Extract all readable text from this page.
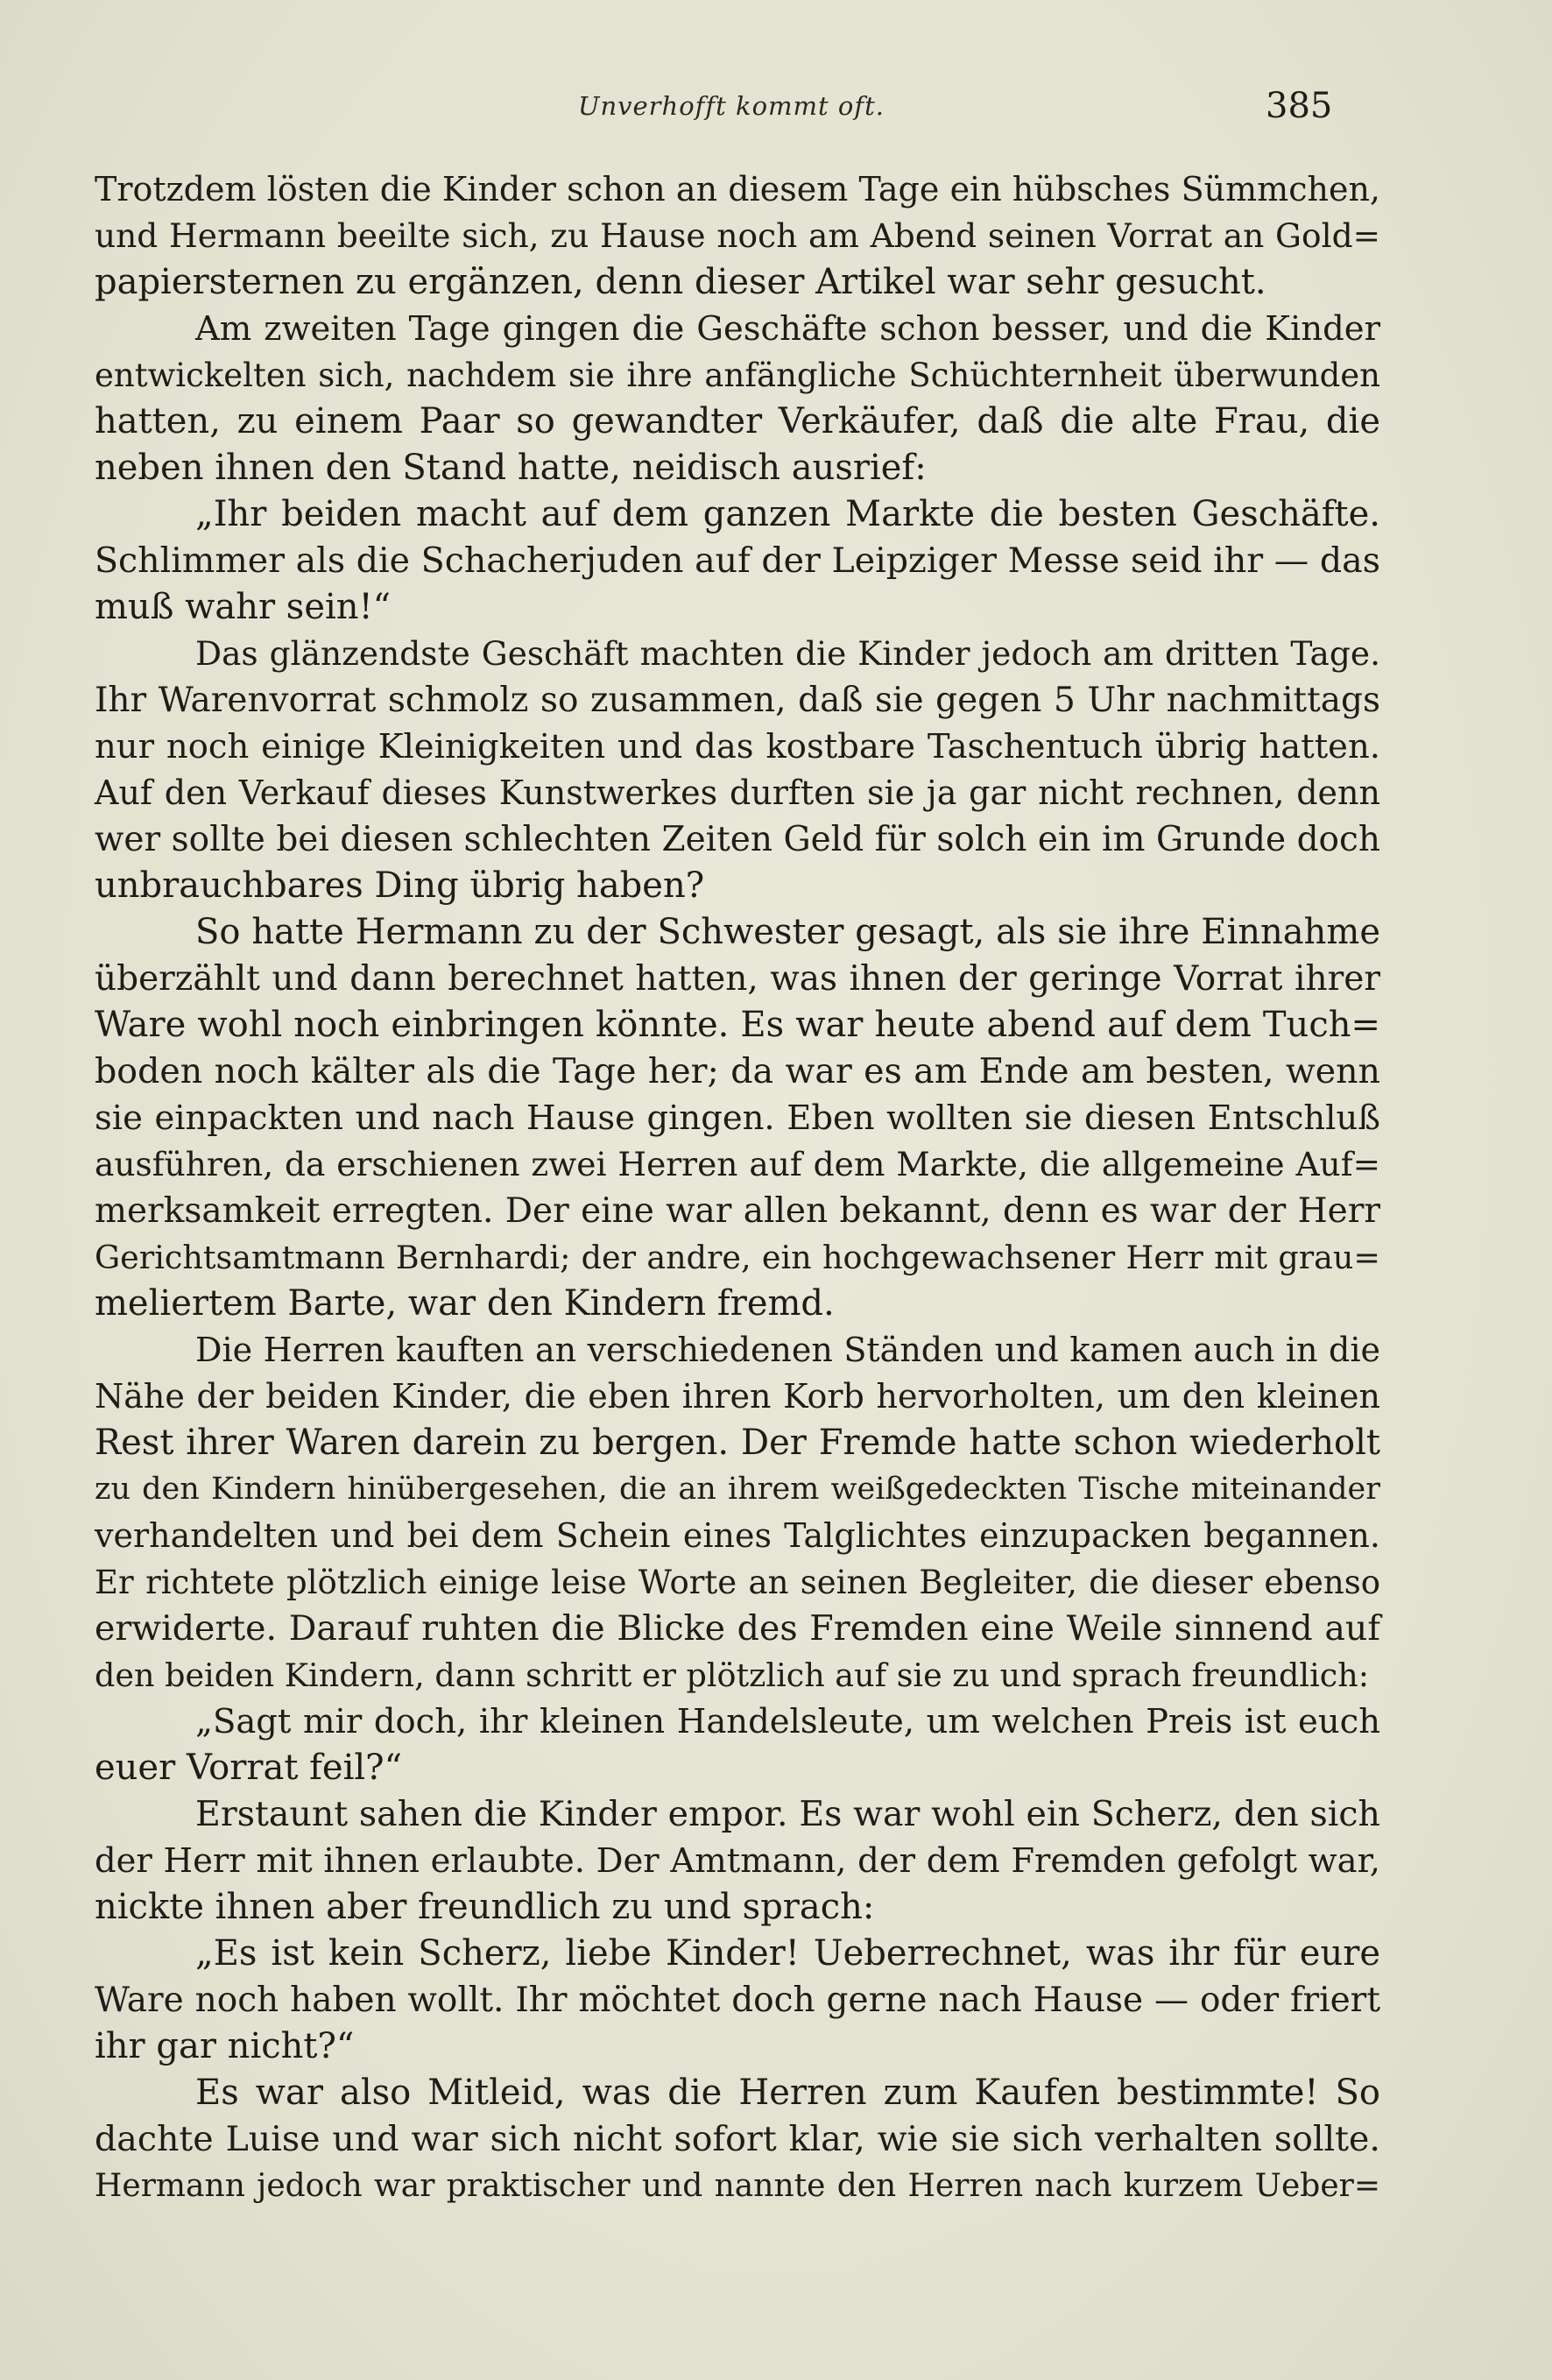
Unverhofft kommt oft.	385
Trotzdem lösten die Kinder schon an diesem Tage ein hübsches Sümmchen,
und Hermann beeilte sich, zu Hause noch am Abend seinen Vorrat an Gold=
papiersternen zu ergänzen, denn dieser Artikel war sehr gesucht.
Am zweiten Tage gingen die Geschäfte schon besser, und die Kinder
entwickelten sich, nachdem sie ihre anfängliche Schüchternheit überwunden
hatten, zu einem Paar so gewandter Verkäufer, daß die alte Frau, die
neben ihnen den Stand hatte, neidisch ausrief:
„Ihr beiden macht auf dem ganzen Markte die besten Geschäfte.
Schlimmer als die Schacherjuden auf der Leipziger Messe seid ihr — das
muß wahr sein!“
Das glänzendste Geschäft machten die Kinder jedoch am dritten Tage.
Ihr Warenvorrat schmolz so zusammen, daß sie gegen 5 Uhr nachmittags
nur noch einige Kleinigkeiten und das kostbare Taschentuch übrig hatten.
Auf den Verkauf dieses Kunstwerkes durften sie ja gar nicht rechnen, denn
wer sollte bei diesen schlechten Zeiten Geld für solch ein im Grunde doch
unbrauchbares Ding übrig haben?
So hatte Hermann zu der Schwester gesagt, als sie ihre Einnahme
überzählt und dann berechnet hatten, was ihnen der geringe Vorrat ihrer
Ware wohl noch einbringen könnte. Es war heute abend auf dem Tuch=
boden noch kälter als die Tage her; da war es am Ende am besten, wenn
sie einpackten und nach Hause gingen. Eben wollten sie diesen Entschluß
ausführen, da erschienen zwei Herren auf dem Markte, die allgemeine Auf=
merksamkeit erregten. Der eine war allen bekannt, denn es war der Herr
Gerichtsamtmann Bernhardi; der andre, ein hochgewachsener Herr mit grau=
meliertem Barte, war den Kindern fremd.
Die Herren kauften an verschiedenen Ständen und kamen auch in die
Nähe der beiden Kinder, die eben ihren Korb hervorholten, um den kleinen
Rest ihrer Waren darein zu bergen. Der Fremde hatte schon wiederholt
zu den Kindern hinübergesehen, die an ihrem weißgedeckten Tische miteinander
verhandelten und bei dem Schein eines Talglichtes einzupacken begannen.
Er richtete plötzlich einige leise Worte an seinen Begleiter, die dieser ebenso
erwiderte. Darauf ruhten die Blicke des Fremden eine Weile sinnend auf
den beiden Kindern, dann schritt er plötzlich auf sie zu und sprach freundlich:
„Sagt mir doch, ihr kleinen Handelsleute, um welchen Preis ist euch
euer Vorrat feil?“
Erstaunt sahen die Kinder empor. Es war wohl ein Scherz, den sich
der Herr mit ihnen erlaubte. Der Amtmann, der dem Fremden gefolgt war,
nickte ihnen aber freundlich zu und sprach:
„Es ist kein Scherz, liebe Kinder! Ueberrechnet, was ihr für eure
Ware noch haben wollt. Ihr möchtet doch gerne nach Hause — oder friert
ihr gar nicht?“
Es war also Mitleid, was die Herren zum Kaufen bestimmte! So
dachte Luise und war sich nicht sofort klar, wie sie sich verhalten sollte.
Hermann jedoch war praktischer und nannte den Herren nach kurzem Ueber=
